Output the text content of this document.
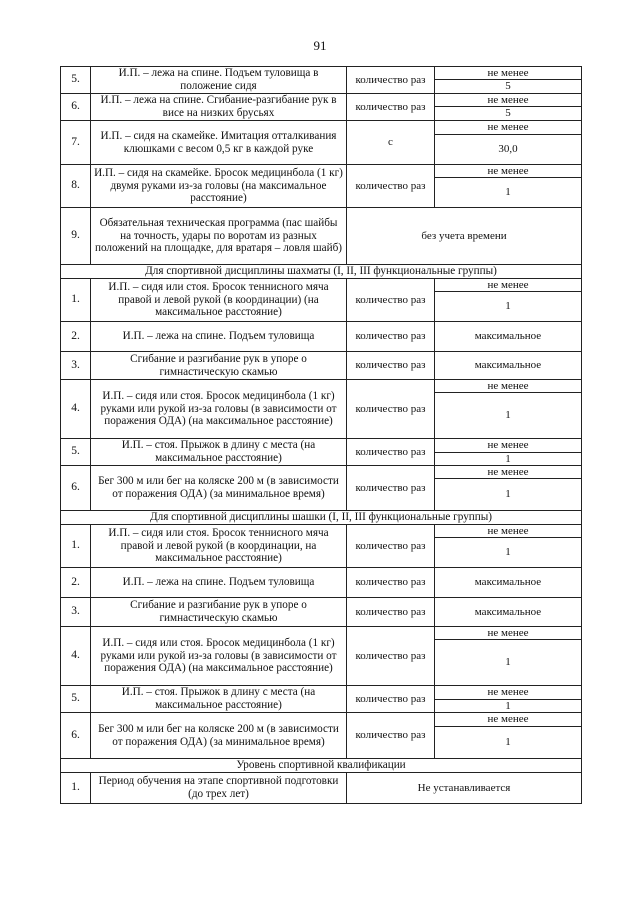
91
5.	И.П. – лежа на спине. Подъем туловища в положение сидя	количество раз	не менее
			5
6.	И.П. – лежа на спине. Сгибание-разгибание рук в висе на низких брусьях	количество раз	не менее
			5
7.	И.П. – сидя на скамейке. Имитация отталкивания клюшками с весом 0,5 кг в каждой руке	с	не менее
			30,0
8.	И.П. – сидя на скамейке. Бросок медицинбола (1 кг) двумя руками из-за головы (на максимальное расстояние)	количество раз	не менее
			1
9.	Обязательная техническая программа (пас шайбы на точность, удары по воротам из разных положений на площадке, для вратаря – ловля шайб)	без учета времени	
Для спортивной дисциплины шахматы (I, II, III функциональные группы)			
1.	И.П. – сидя или стоя. Бросок теннисного мяча правой и левой рукой (в координации) (на максимальное расстояние)	количество раз	не менее
			1
2.	И.П. – лежа на спине. Подъем туловища	количество раз	максимальное
3.	Сгибание и разгибание рук в упоре о гимнастическую скамью	количество раз	максимальное
4.	И.П. – сидя или стоя. Бросок медицинбола (1 кг) руками или рукой из-за головы (в зависимости от поражения ОДА) (на максимальное расстояние)	количество раз	не менее
			1
5.	И.П. – стоя. Прыжок в длину с места (на максимальное расстояние)	количество раз	не менее
			1
6.	Бег 300 м или бег на коляске 200 м (в зависимости от поражения ОДА) (за минимальное время)	количество раз	не менее
			1
Для спортивной дисциплины шашки (I, II, III функциональные группы)			
1.	И.П. – сидя или стоя. Бросок теннисного мяча правой и левой рукой (в координации, на максимальное расстояние)	количество раз	не менее
			1
2.	И.П. – лежа на спине. Подъем туловища	количество раз	максимальное
3.	Сгибание и разгибание рук в упоре о гимнастическую скамью	количество раз	максимальное
4.	И.П. – сидя или стоя. Бросок медицинбола (1 кг) руками или рукой из-за головы (в зависимости от поражения ОДА) (на максимальное расстояние)	количество раз	не менее
			1
5.	И.П. – стоя. Прыжок в длину с места (на максимальное расстояние)	количество раз	не менее
			1
6.	Бег 300 м или бег на коляске 200 м (в зависимости от поражения ОДА) (за минимальное время)	количество раз	не менее
			1
Уровень спортивной квалификации			
1.	Период обучения на этапе спортивной подготовки (до трех лет)	Не устанавливается	
